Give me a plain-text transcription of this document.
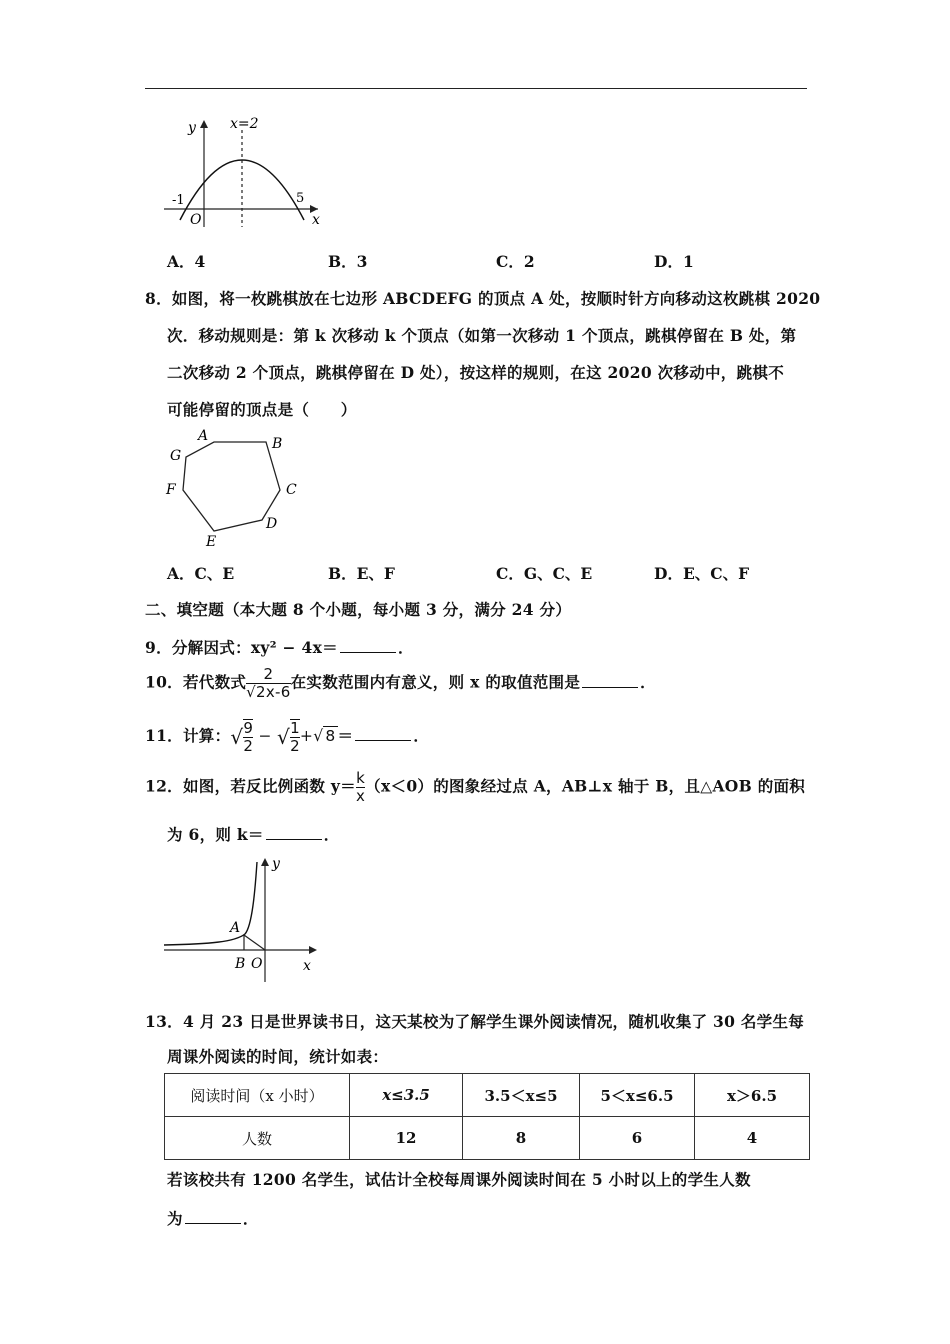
x=2
y
x
O
-1	5
A．4	B．3	C．2	D．1
8．如图，将一枚跳棋放在七边形 ABCDEFG 的顶点 A 处，按顺时针方向移动这枚跳棋 2020
次．移动规则是：第 k 次移动 k 个顶点（如第一次移动 1 个顶点，跳棋停留在 B 处，第
二次移动 2 个顶点，跳棋停留在 D 处），按这样的规则，在这 2020 次移动中，跳棋不
可能停留的顶点是（　　）
A	B
C
D
E
F
G
A．C、E	B．E、F	C．G、C、E	D．E、C、F
二、填空题（本大题 8 个小题，每小题 3 分，满分 24 分）
9．分解因式：xy² − 4x＝	．
10．若代数式 $\frac{2}{√2x-6}$ 在实数范围内有意义，则 x 的取值范围是	．
11．计算：√ $\frac{9}{2}$ − √ $\frac{1}{2}$ +√ 8 ＝	．
12．如图，若反比例函数 $y= \frac{k}{x} (x<0)$的图象经过点 A，AB⊥x 轴于 B，且△AOB 的面积
为 6，则 k＝	．
A
B O	x
y
13．4 月 23 日是世界读书日，这天某校为了解学生课外阅读情况，随机收集了 30 名学生每
周课外阅读的时间，统计如表：
阅读时间（x 小时）	x≤3.5	3.5＜x≤5	5＜x≤6.5	x＞6.5
人数	12	8	6	4
若该校共有 1200 名学生，试估计全校每周课外阅读时间在 5 小时以上的学生人数
为	．
